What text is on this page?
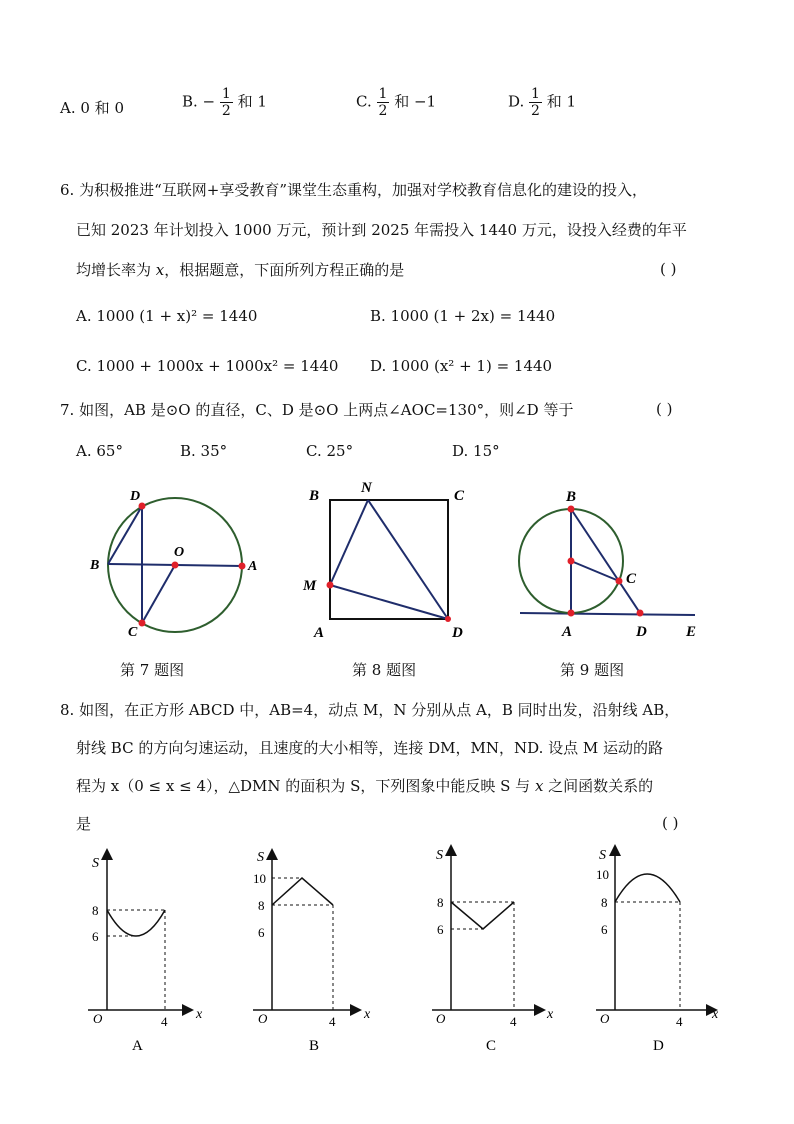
A. 0 和 0	B. − $\frac{1}{2}$ 和 1	C. $\frac{1}{2}$ 和 −1	D. $\frac{1}{2}$ 和 1
6. 为积极推进“互联网+享受教育”课堂生态重构，加强对学校教育信息化的建设的投入，
已知 2023 年计划投入 1000 万元，预计到 2025 年需投入 1440 万元，设投入经费的年平
均增长率为 x，根据题意，下面所列方程正确的是	( )
A. 1000 (1 + x)² = 1440	B. 1000 (1 + 2x) = 1440
C. 1000 + 1000x + 1000x² = 1440 D. 1000 (x² + 1) = 1440
7. 如图，AB 是⊙O 的直径，C、D 是⊙O 上两点∠AOC=130°，则∠D 等于	( )
A. 65°	B. 35°	C. 25°	D. 15°
D
O
B	A
C
B	N	C
M
A	D
B
C
A	D	E
第 7 题图	第 8 题图	第 9 题图
8. 如图，在正方形 ABCD 中，AB=4，动点 M，N 分别从点 A，B 同时出发，沿射线 AB，
射线 BC 的方向匀速运动，且速度的大小相等，连接 DM，MN，ND. 设点 M 运动的路
程为 x（0 ≤ x ≤ 4），△DMN 的面积为 S，下列图象中能反映 S 与 x 之间函数关系的
是	( )
S
8
6
O	4 x
A
S
10
8
6
O	4 x
B
S
8
6
O	4 x
C
S
10
8
6
O	4 x
D
